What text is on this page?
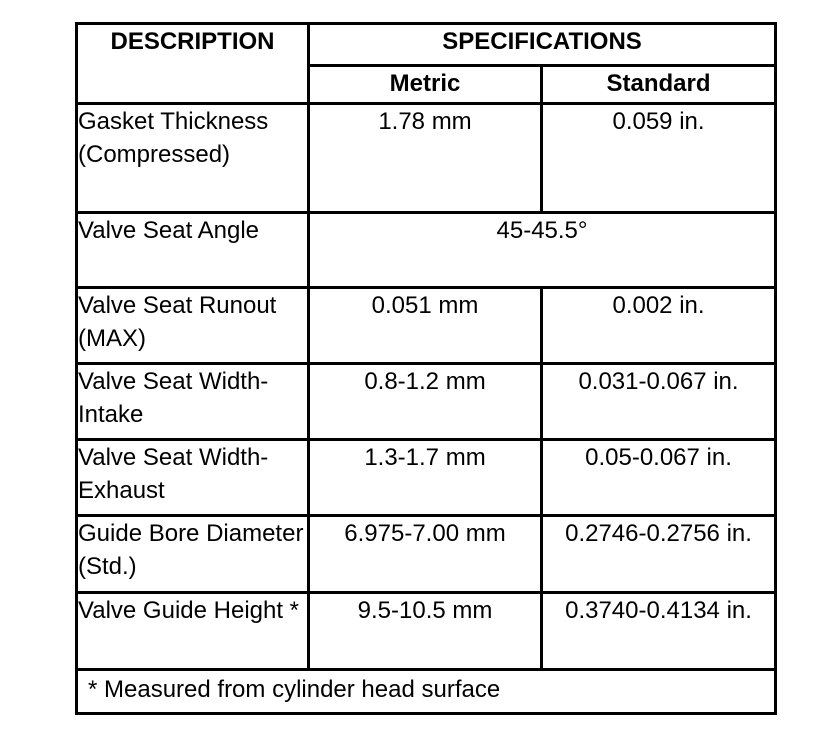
DESCRIPTION	SPECIFICATIONS	
	Metric	Standard
Gasket Thickness (Compressed)	1.78 mm	0.059 in.
Valve Seat Angle	45-45.5°	
Valve Seat Runout (MAX)	0.051 mm	0.002 in.
Valve Seat Width-Intake	0.8-1.2 mm	0.031-0.067 in.
Valve Seat Width-Exhaust	1.3-1.7 mm	0.05-0.067 in.
Guide Bore Diameter (Std.)	6.975-7.00 mm	0.2746-0.2756 in.
Valve Guide Height *	9.5-10.5 mm	0.3740-0.4134 in.
* Measured from cylinder head surface		
